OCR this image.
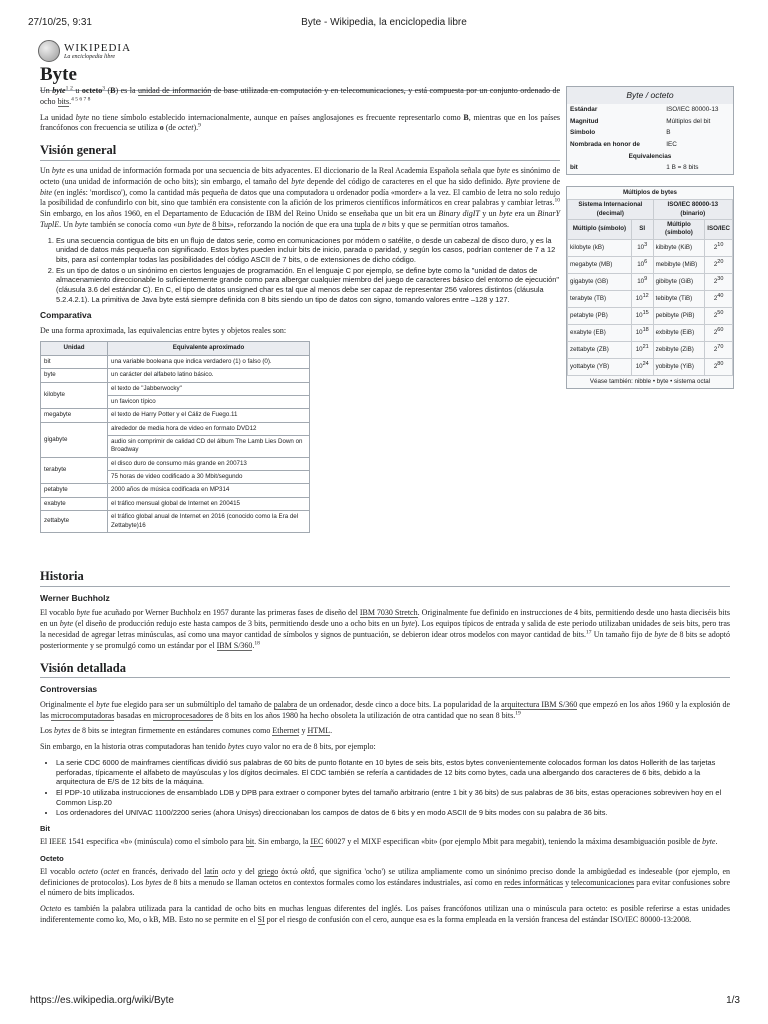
27/10/25, 9:31	Byte - Wikipedia, la enciclopedia libre
WIKIPEDIA
La enciclopedia libre
Byte

Un byte$^{1 2}$ u octeto$^3$ (B) es la unidad de información de base utilizada en computación y en telecomunicaciones, y está compuesta por un conjunto ordenado de ocho bits.$^{4 5 6 7 8}$

La unidad byte no tiene símbolo establecido internacionalmente, aunque en países anglosajones es frecuente representarlo como B, mientras que en los países francófonos con frecuencia se utiliza o (de octet).$^9$

Visión general

Un byte es una unidad de información formada por una secuencia de bits adyacentes. El diccionario de la Real Academia Española señala que byte es sinónimo de octeto (una unidad de información de ocho bits); sin embargo, el tamaño del byte depende del código de caracteres en el que ha sido definido. Byte proviene de bite (en inglés: 'mordisco'), como la cantidad más pequeña de datos que una computadora u ordenador podía «morder» a la vez. El cambio de letra no solo redujo la posibilidad de confundirlo con bit, sino que también era consistente con la afición de los primeros científicos informáticos en crear palabras y cambiar letras.$^{10}$ Sin embargo, en los años 1960, en el Departamento de Educación de IBM del Reino Unido se enseñaba que un bit era un Binary digIT y un byte era un BinarY TuplE. Un byte también se conocía como «un byte de 8 bits», reforzando la noción de que era una tupla de n bits y que se permitían otros tamaños.

1. Es una secuencia contigua de bits en un flujo de datos serie, como en comunicaciones por módem o satélite, o desde un cabezal de disco duro, y es la unidad de datos más pequeña con significado. Estos bytes pueden incluir bits de inicio, parada o paridad, y según los casos, podrían contener de 7 a 12 bits, para así contemplar todas las posibilidades del código ASCII de 7 bits, o de extensiones de dicho código.
2. Es un tipo de datos o un sinónimo en ciertos lenguajes de programación. En el lenguaje C por ejemplo, se define byte como la "unidad de datos de almacenamiento direccionable lo suficientemente grande como para albergar cualquier miembro del juego de caracteres básico del entorno de ejecución" (cláusula 3.6 del estándar C). En C, el tipo de datos unsigned char es tal que al menos debe ser capaz de representar 256 valores distintos (cláusula 5.2.4.2.1). La primitiva de Java byte está siempre definida con 8 bits siendo un tipo de datos con signo, tomando valores entre –128 y 127.
Comparativa

De una forma aproximada, las equivalencias entre bytes y objetos reales son:

Unidad	Equivalente aproximado
bit	una variable booleana que indica verdadero (1) o falso (0).
byte	un carácter del alfabeto latino básico.
kilobyte	el texto de "Jabberwocky"
	un favicon típico
megabyte	el texto de Harry Potter y el Cáliz de Fuego.11
gigabyte	alrededor de media hora de video en formato DVD12
	audio sin comprimir de calidad CD del álbum The Lamb Lies Down on Broadway
terabyte	el disco duro de consumo más grande en 200713
	75 horas de video codificado a 30 Mbit/segundo
petabyte	2000 años de música codificada en MP314
exabyte	el tráfico mensual global de Internet en 200415
zettabyte	el tráfico global anual de Internet en 2016 (conocido como la Era del Zettabyte)16
Byte / octeto
Estándar	ISO/IEC 80000-13
Magnitud	Múltiplos del bit
Símbolo	B
Nombrada en honor de	IEC
Equivalencias	
bit	1 B = 8 bits
Múltiplos de bytes
Sistema Internacional (decimal)		ISO/IEC 80000-13 (binario)	
Múltiplo (símbolo)	SI	Múltiplo (símbolo)	ISO/IEC
kilobyte (kB)	$10^3$	kibibyte (KiB)	$2^{10}$
megabyte (MB)	$10^6$	mebibyte (MiB)	$2^{20}$
gigabyte (GB)	$10^9$	gibibyte (GiB)	$2^{30}$
terabyte (TB)	$10^{12}$	tebibyte (TiB)	$2^{40}$
petabyte (PB)	$10^{15}$	pebibyte (PiB)	$2^{50}$
exabyte (EB)	$10^{18}$	exbibyte (EiB)	$2^{60}$
zettabyte (ZB)	$10^{21}$	zebibyte (ZiB)	$2^{70}$
yottabyte (YB)	$10^{24}$	yobibyte (YiB)	$2^{80}$
Véase también: nibble • byte • sistema octal
Historia
Werner Buchholz

El vocablo byte fue acuñado por Werner Buchholz en 1957 durante las primeras fases de diseño del IBM 7030 Stretch. Originalmente fue definido en instrucciones de 4 bits, permitiendo desde uno hasta dieciséis bits en un byte (el diseño de producción redujo este hasta campos de 3 bits, permitiendo desde uno a ocho bits en un byte). Los equipos típicos de entrada y salida de este periodo utilizaban unidades de seis bits, pero tras la necesidad de agregar letras minúsculas, así como una mayor cantidad de símbolos y signos de puntuación, se debieron idear otros modelos con mayor cantidad de bits.$^{17}$ Un tamaño fijo de byte de 8 bits se adoptó posteriormente y se promulgó como un estándar por el IBM S/360.18

Visión detallada
Controversias

Originalmente el byte fue elegido para ser un submúltiplo del tamaño de palabra de un ordenador, desde cinco a doce bits. La popularidad de la arquitectura IBM S/360 que empezó en los años 1960 y la explosión de las microcomputadoras basadas en microprocesadores de 8 bits en los años 1980 ha hecho obsoleta la utilización de otra cantidad que no sean 8 bits.$^{19}$

Los bytes de 8 bits se integran firmemente en estándares comunes como Ethernet y HTML.

Sin embargo, en la historia otras computadoras han tenido bytes cuyo valor no era de 8 bits, por ejemplo:

• La serie CDC 6000 de mainframes científicas dividió sus palabras de 60 bits de punto flotante en 10 bytes de seis bits, estos bytes convenientemente colocados forman los datos Hollerith de las tarjetas perforadas, típicamente el alfabeto de mayúsculas y los dígitos decimales. El CDC también se refería a cantidades de 12 bits como bytes, cada una albergando dos caracteres de 6 bits, debido a la arquitectura de E/S de 12 bits de la máquina.
• El PDP-10 utilizaba instrucciones de ensamblado LDB y DPB para extraer o componer bytes del tamaño arbitrario (entre 1 bit y 36 bits) de sus palabras de 36 bits, estas operaciones sobreviven hoy en el Common Lisp.20
• Los ordenadores del UNIVAC 1100/2200 series (ahora Unisys) direccionaban los campos de datos de 6 bits y en modo ASCII de 9 bits modes con su palabra de 36 bits.
Bit

El IEEE 1541 especifica «b» (minúscula) como el símbolo para bit. Sin embargo, la IEC 60027 y el MIXF especifican «bit» (por ejemplo Mbit para megabit), teniendo la máxima desambiguación posible de byte.

Octeto

El vocablo octeto (octet en francés, derivado del latín octo y del griego ὀκτώ oktṓ, que significa 'ocho') se utiliza ampliamente como un sinónimo preciso donde la ambigüedad es indeseable (por ejemplo, en definiciones de protocolos). Los bytes de 8 bits a menudo se llaman octetos en contextos formales como los estándares industriales, así como en redes informáticas y telecomunicaciones para evitar confusiones sobre el número de bits implicados.

Octeto es también la palabra utilizada para la cantidad de ocho bits en muchas lenguas diferentes del inglés. Los países francófonos utilizan una o minúscula para octeto: es posible referirse a estas unidades indiferentemente como ko, Mo, o kB, MB. Esto no se permite en el SI por el riesgo de confusión con el cero, aunque esa es la forma empleada en la versión francesa del estándar ISO/IEC 80000-13:2008.

https://es.wikipedia.org/wiki/Byte	1/3
